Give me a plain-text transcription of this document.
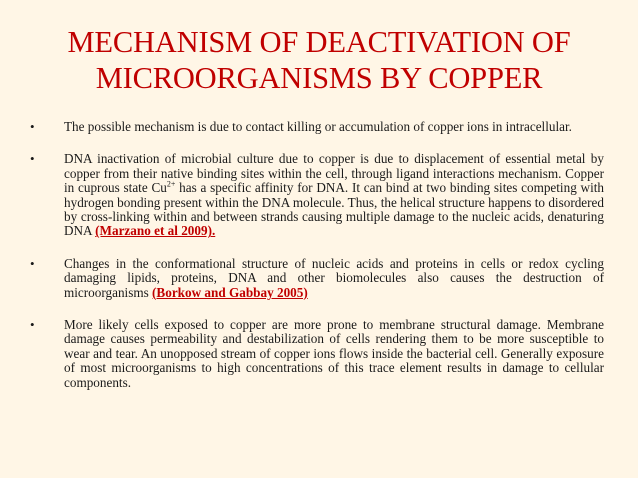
MECHANISM OF DEACTIVATION OF
MICROORGANISMS BY COPPER
• The possible mechanism is due to contact killing or accumulation of copper ions in intracellular.
• DNA inactivation of microbial culture due to copper is due to displacement of essential metal by copper from their native binding sites within the cell, through ligand interactions mechanism. Copper in cuprous state $Cu^{2+}$ has a specific affinity for DNA. It can bind at two binding sites competing with hydrogen bonding present within the DNA molecule. Thus, the helical structure happens to disordered by cross-linking within and between strands causing multiple damage to the nucleic acids, denaturing DNA (Marzano et al 2009).
• Changes in the conformational structure of nucleic acids and proteins in cells or redox cycling damaging lipids, proteins, DNA and other biomolecules also causes the destruction of microorganisms (Borkow and Gabbay 2005)
• More likely cells exposed to copper are more prone to membrane structural damage. Membrane damage causes permeability and destabilization of cells rendering them to be more susceptible to wear and tear. An unopposed stream of copper ions flows inside the bacterial cell. Generally exposure of most microorganisms to high concentrations of this trace element results in damage to cellular components.
